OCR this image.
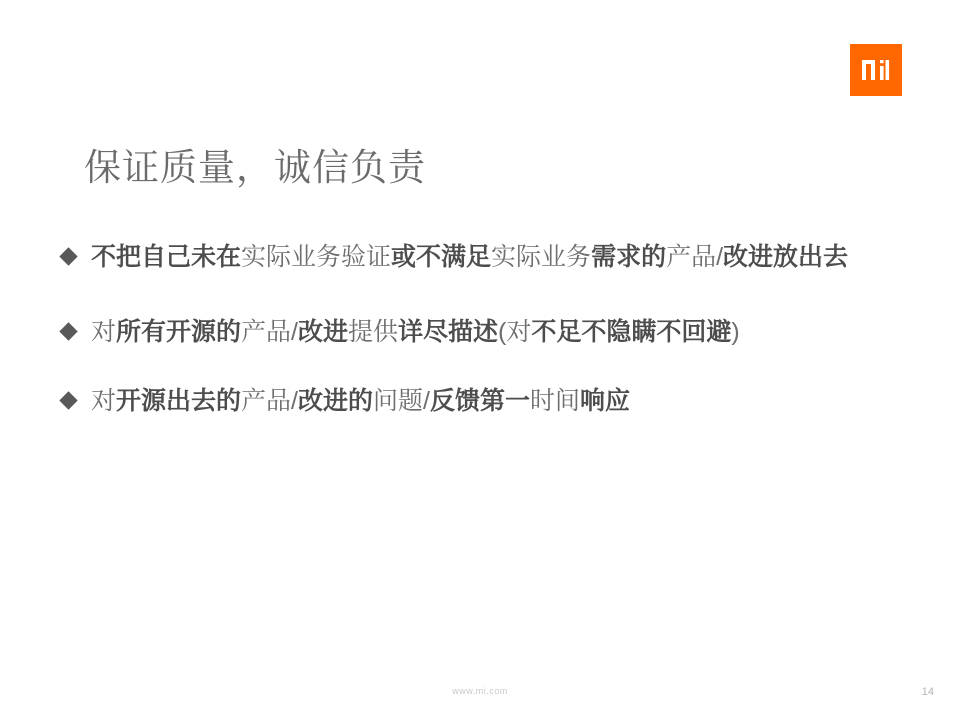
保证质量，诚信负责
不把自己未在实际业务验证或不满足实际业务需求的产品/改进放出去
对所有开源的产品/改进提供详尽描述(对不足不隐瞒不回避)
对开源出去的产品/改进的问题/反馈第一时间响应
www.mi.com	14
